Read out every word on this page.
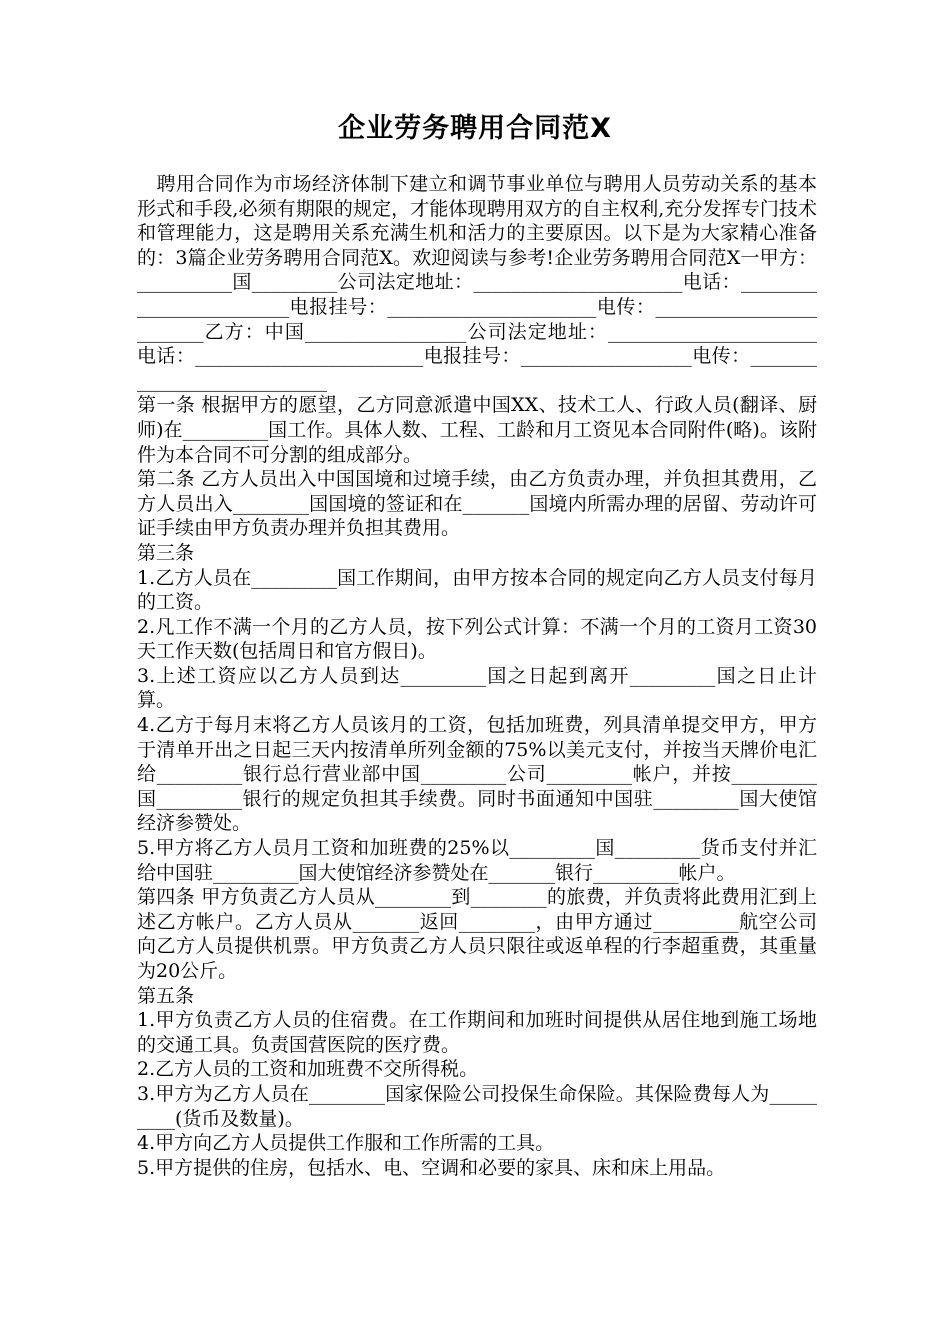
企业劳务聘用合同范X

　聘用合同作为市场经济体制下建立和调节事业单位与聘用人员劳动关系的基本形式和手段,必须有期限的规定，才能体现聘用双方的自主权利,充分发挥专门技术和管理能力，这是聘用关系充满生机和活力的主要原因。以下是为大家精心准备的：3篇企业劳务聘用合同范X。欢迎阅读与参考!企业劳务聘用合同范X一甲方：__________国_________公司法定地址：______________________电话：________________________电报挂号：______________________电传：________________________乙方：中国_________________公司法定地址：______________________电话：________________________电报挂号：__________________电传：___________________________

第一条 根据甲方的愿望，乙方同意派遣中国XX、技术工人、行政人员(翻译、厨师)在_________国工作。具体人数、工程、工龄和月工资见本合同附件(略)。该附件为本合同不可分割的组成部分。

第二条 乙方人员出入中国国境和过境手续，由乙方负责办理，并负担其费用，乙方人员出入________国国境的签证和在_______国境内所需办理的居留、劳动许可证手续由甲方负责办理并负担其费用。

第三条

1.乙方人员在_________国工作期间，由甲方按本合同的规定向乙方人员支付每月的工资。

2.凡工作不满一个月的乙方人员，按下列公式计算：不满一个月的工资月工资30天工作天数(包括周日和官方假日)。

3.上述工资应以乙方人员到达_________国之日起到离开_________国之日止计算。

4.乙方于每月末将乙方人员该月的工资，包括加班费，列具清单提交甲方，甲方于清单开出之日起三天内按清单所列金额的75%以美元支付，并按当天牌价电汇给_________银行总行营业部中国_________公司_________帐户，并按_________国_________银行的规定负担其手续费。同时书面通知中国驻_________国大使馆经济参赞处。

5.甲方将乙方人员月工资和加班费的25%以_________国_________货币支付并汇给中国驻_________国大使馆经济参赞处在_______银行_________帐户。

第四条 甲方负责乙方人员从________到________的旅费，并负责将此费用汇到上述乙方帐户。乙方人员从_______返回________，由甲方通过_________航空公司向乙方人员提供机票。甲方负责乙方人员只限往或返单程的行李超重费，其重量为20公斤。

第五条

1.甲方负责乙方人员的住宿费。在工作期间和加班时间提供从居住地到施工场地的交通工具。负责国营医院的医疗费。

2.乙方人员的工资和加班费不交所得税。

3.甲方为乙方人员在________国家保险公司投保生命保险。其保险费每人为_________(货币及数量)。

4.甲方向乙方人员提供工作服和工作所需的工具。

5.甲方提供的住房，包括水、电、空调和必要的家具、床和床上用品。
